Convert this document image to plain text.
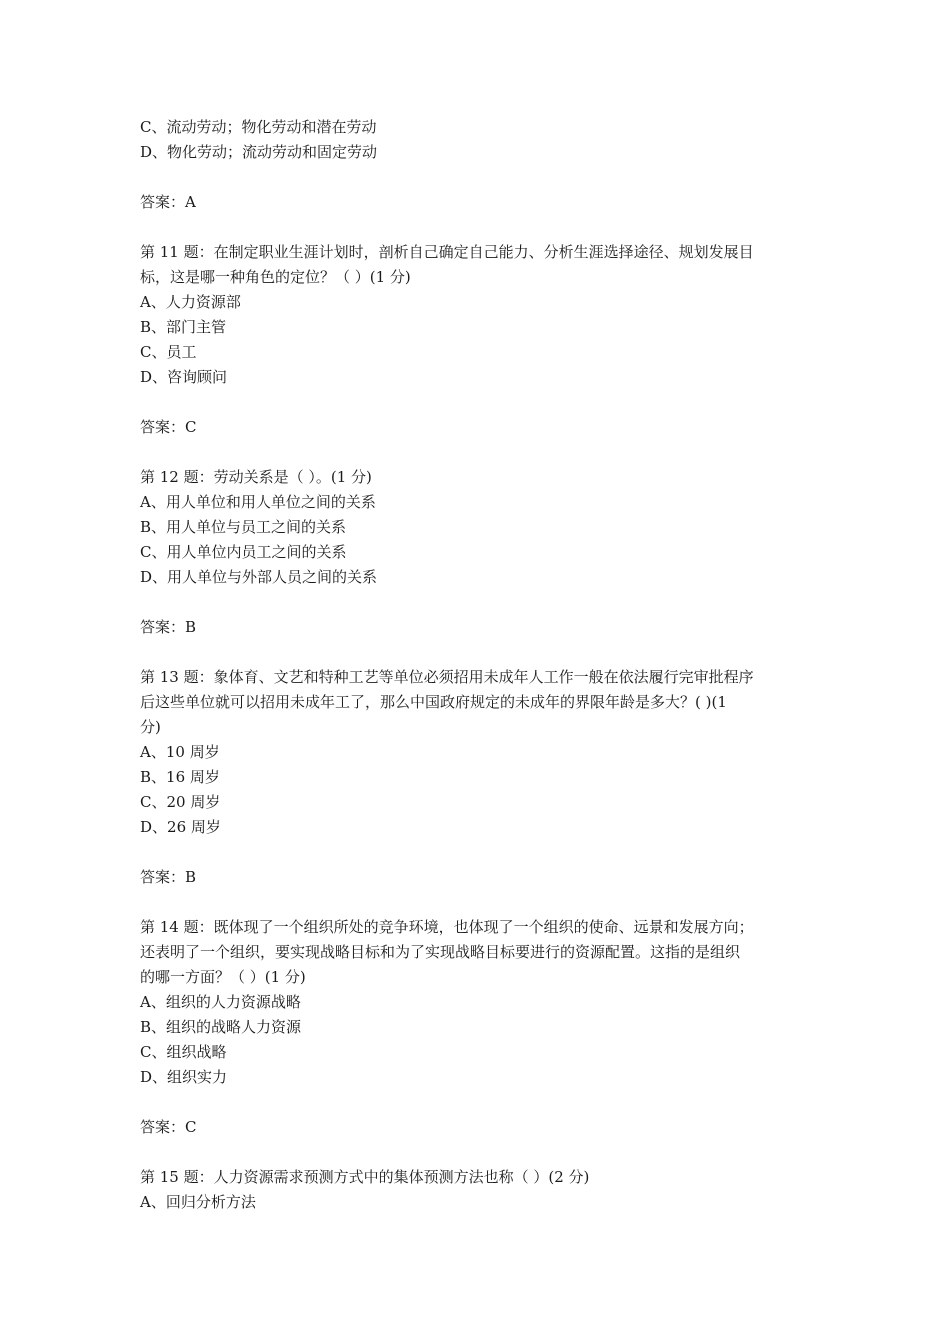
C、流动劳动；物化劳动和潜在劳动
D、物化劳动；流动劳动和固定劳动
答案：A
第 11 题：在制定职业生涯计划时，剖析自己确定自己能力、分析生涯选择途径、规划发展目
标，这是哪一种角色的定位？（ ）(1 分)
A、人力资源部
B、部门主管
C、员工
D、咨询顾问
答案：C
第 12 题：劳动关系是（ ）。(1 分)
A、用人单位和用人单位之间的关系
B、用人单位与员工之间的关系
C、用人单位内员工之间的关系
D、用人单位与外部人员之间的关系
答案：B
第 13 题：象体育、文艺和特种工艺等单位必须招用未成年人工作一般在依法履行完审批程序
后这些单位就可以招用未成年工了，那么中国政府规定的未成年的界限年龄是多大？( )(1
分)
A、10 周岁
B、16 周岁
C、20 周岁
D、26 周岁
答案：B
第 14 题：既体现了一个组织所处的竞争环境，也体现了一个组织的使命、远景和发展方向；
还表明了一个组织，要实现战略目标和为了实现战略目标要进行的资源配置。这指的是组织
的哪一方面？（ ）(1 分)
A、组织的人力资源战略
B、组织的战略人力资源
C、组织战略
D、组织实力
答案：C
第 15 题：人力资源需求预测方式中的集体预测方法也称（ ）(2 分)
A、回归分析方法
